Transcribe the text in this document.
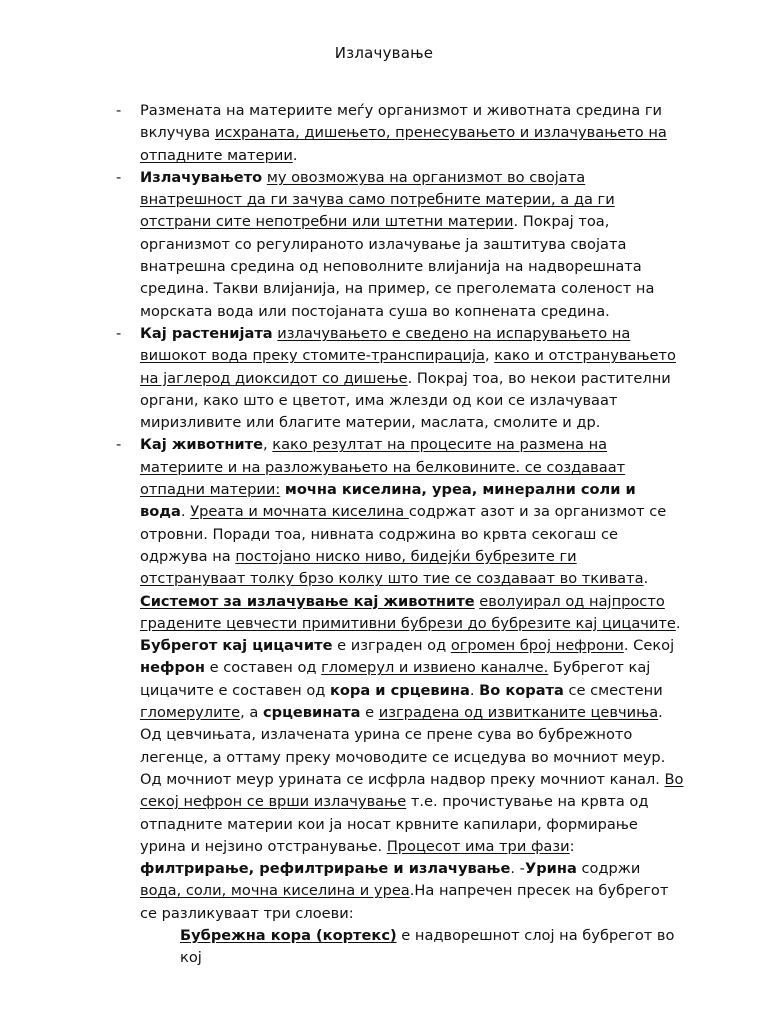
Излачување
- Размената на материите меѓу организмот и животната средина ги вклучува исхраната, дишењето, пренесувањето и излачувањето на отпадните материи.

- Излачувањето му овозможува на организмот во својата внатрешност да ги зачува само потребните материи, а да ги отстрани сите непотребни или штетни материи. Покрај тоа, организмот со регулираното излачување ја заштитува својата внатрешна средина од неповолните влијанија на надворешната средина. Такви влијанија, на пример, се преголемата соленост на морската вода или постојаната суша во копнената средина.

- Кај растенијата излачувањето е сведено на испарувањето на вишокот вода преку стомите-транспирација, како и отстранувањето на јаглерод диоксидот со дишење. Покрај тоа, во некои растителни органи, како што е цветот, има жлезди од кои се излачуваат миризливите или благите материи, маслата, смолите и др.

- Кај животните, како резултат на процесите на размена на материите и на разложувањето на белковините. се создаваат отпадни материи: мочна киселина, уреа, минерални соли и вода. Уреата и мочната киселина содржат азот и за организмот се отровни. Поради тоа, нивната содржина во крвта секогаш се одржува на постојано ниско ниво, бидејќи бубрезите ги отстрануваат толку брзо колку што тие се создаваат во ткивата. Системот за излачување кај животните еволуирал од најпросто градените цевчести примитивни бубрези до бубрезите кај цицачите. Бубрегот кај цицачите е изграден од огромен број нефрони. Секој нефрон е составен од гломерул и извиено каналче. Бубрегот кај цицачите е составен од кора и срцевина. Во кората се сместени гломерулите, а срцевината е изградена од извитканите цевчиња. Од цевчињата, излачената урина се прене сува во бубрежното легенце, а оттаму преку мочоводите се исцедува во мочниот меур. Од мочниот меур урината се исфрла надвор преку мочниот канал. Во секој нефрон се врши излачување т.е. прочистување на крвта од отпадните материи кои ја носат крвните капилари, формирање урина и нејзино отстранување. Процесот има три фази: филтрирање, рефилтрирање и излачување. -Урина содржи вода, соли, мочна киселина и уреа.На напречен пресек на бубрегот се разликуваат три слоеви:

Бубрежна кора (кортекс) е надворешнот слој на бубрегот во кој
